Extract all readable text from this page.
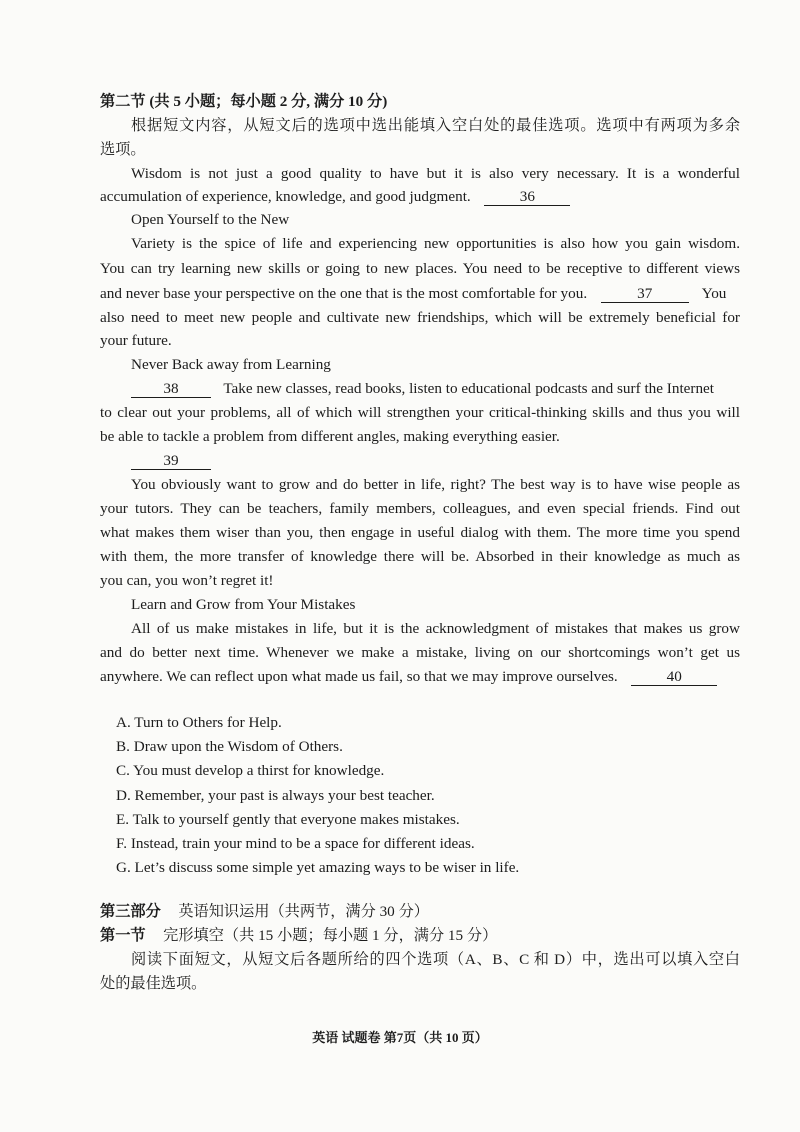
第二节 (共 5 小题；每小题 2 分, 满分 10 分)
根据短文内容，从短文后的选项中选出能填入空白处的最佳选项。选项中有两项为多余
选项。
Wisdom is not just a good quality to have but it is also very necessary. It is a wonderful
accumulation of experience, knowledge, and good judgment.	36
Open Yourself to the New
Variety is the spice of life and experiencing new opportunities is also how you gain wisdom.
You can try learning new skills or going to new places. You need to be receptive to different views
and never base your perspective on the one that is the most comfortable for you.	37	You
also need to meet new people and cultivate new friendships, which will be extremely beneficial for
your future.
Never Back away from Learning
38	Take new classes, read books, listen to educational podcasts and surf the Internet
to clear out your problems, all of which will strengthen your critical-thinking skills and thus you will
be able to tackle a problem from different angles, making everything easier.
39
You obviously want to grow and do better in life, right? The best way is to have wise people as
your tutors. They can be teachers, family members, colleagues, and even special friends. Find out
what makes them wiser than you, then engage in useful dialog with them. The more time you spend
with them, the more transfer of knowledge there will be. Absorbed in their knowledge as much as
you can, you won’t regret it!
Learn and Grow from Your Mistakes
All of us make mistakes in life, but it is the acknowledgment of mistakes that makes us grow
and do better next time. Whenever we make a mistake, living on our shortcomings won’t get us
anywhere. We can reflect upon what made us fail, so that we may improve ourselves.	40
A. Turn to Others for Help.
B. Draw upon the Wisdom of Others.
C. You must develop a thirst for knowledge.
D. Remember, your past is always your best teacher.
E. Talk to yourself gently that everyone makes mistakes.
F. Instead, train your mind to be a space for different ideas.
G. Let’s discuss some simple yet amazing ways to be wiser in life.
第三部分 英语知识运用（共两节，满分 30 分）
第一节 完形填空（共 15 小题；每小题 1 分，满分 15 分）
阅读下面短文，从短文后各题所给的四个选项（A、B、C 和 D）中，选出可以填入空白
处的最佳选项。
英语 试题卷 第7页（共 10 页）
